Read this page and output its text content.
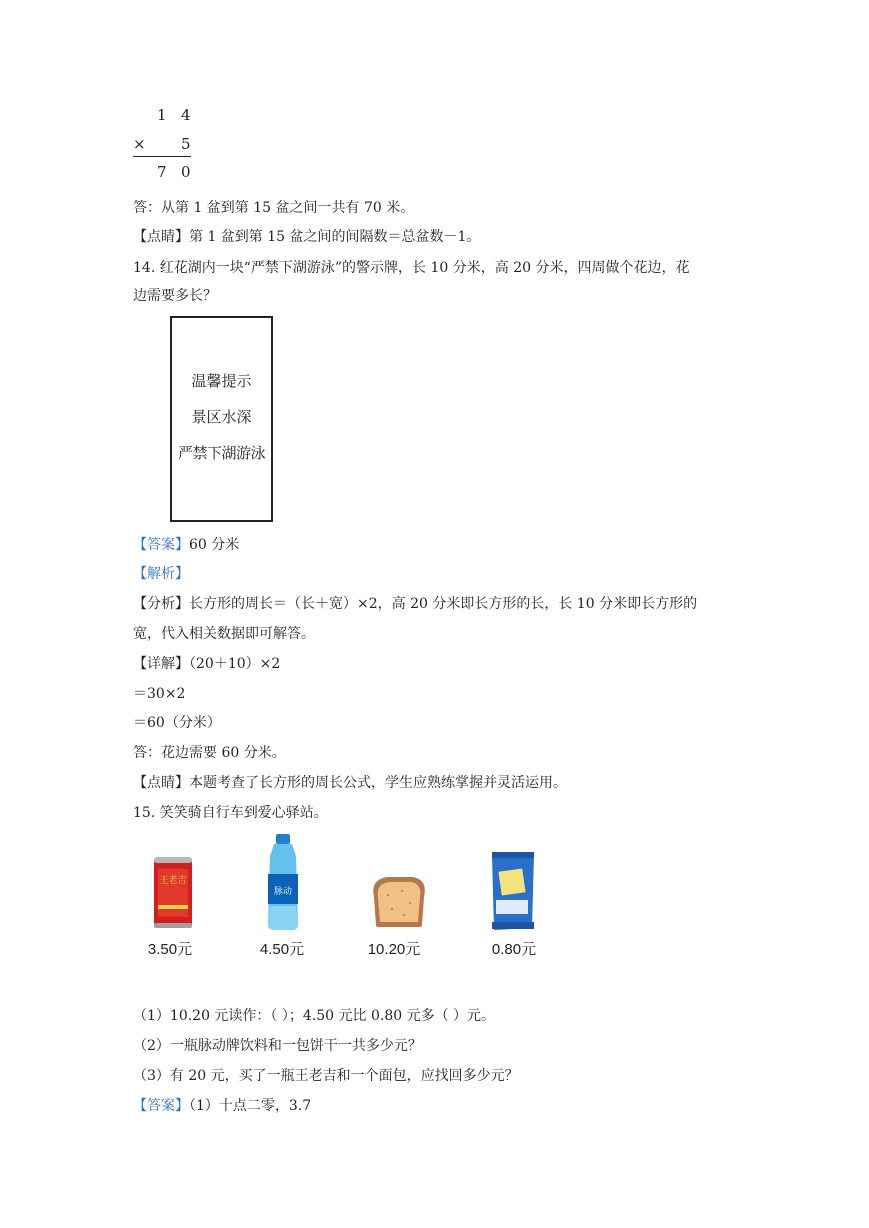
1 4
× 5
7 0
答：从第 1 盆到第 15 盆之间一共有 70 米。
【点睛】第 1 盆到第 15 盆之间的间隔数＝总盆数－1。
14. 红花湖内一块“严禁下湖游泳”的警示牌，长 10 分米，高 20 分米，四周做个花边，花
边需要多长？
温馨提示
景区水深
严禁下湖游泳
【答案】60 分米
【解析】
【分析】长方形的周长＝（长＋宽）×2，高 20 分米即长方形的长，长 10 分米即长方形的
宽，代入相关数据即可解答。
【详解】（20＋10）×2
＝30×2
＝60（分米）
答：花边需要 60 分米。
【点睛】本题考查了长方形的周长公式，学生应熟练掌握并灵活运用。
15. 笑笑骑自行车到爱心驿站。
王老吉
脉动
3.50元	4.50元	10.20元	0.80元
（1）10.20 元读作：（ ）；4.50 元比 0.80 元多（ ）元。
（2）一瓶脉动牌饮料和一包饼干一共多少元？
（3）有 20 元，买了一瓶王老吉和一个面包，应找回多少元？
【答案】（1）十点二零，3.7
